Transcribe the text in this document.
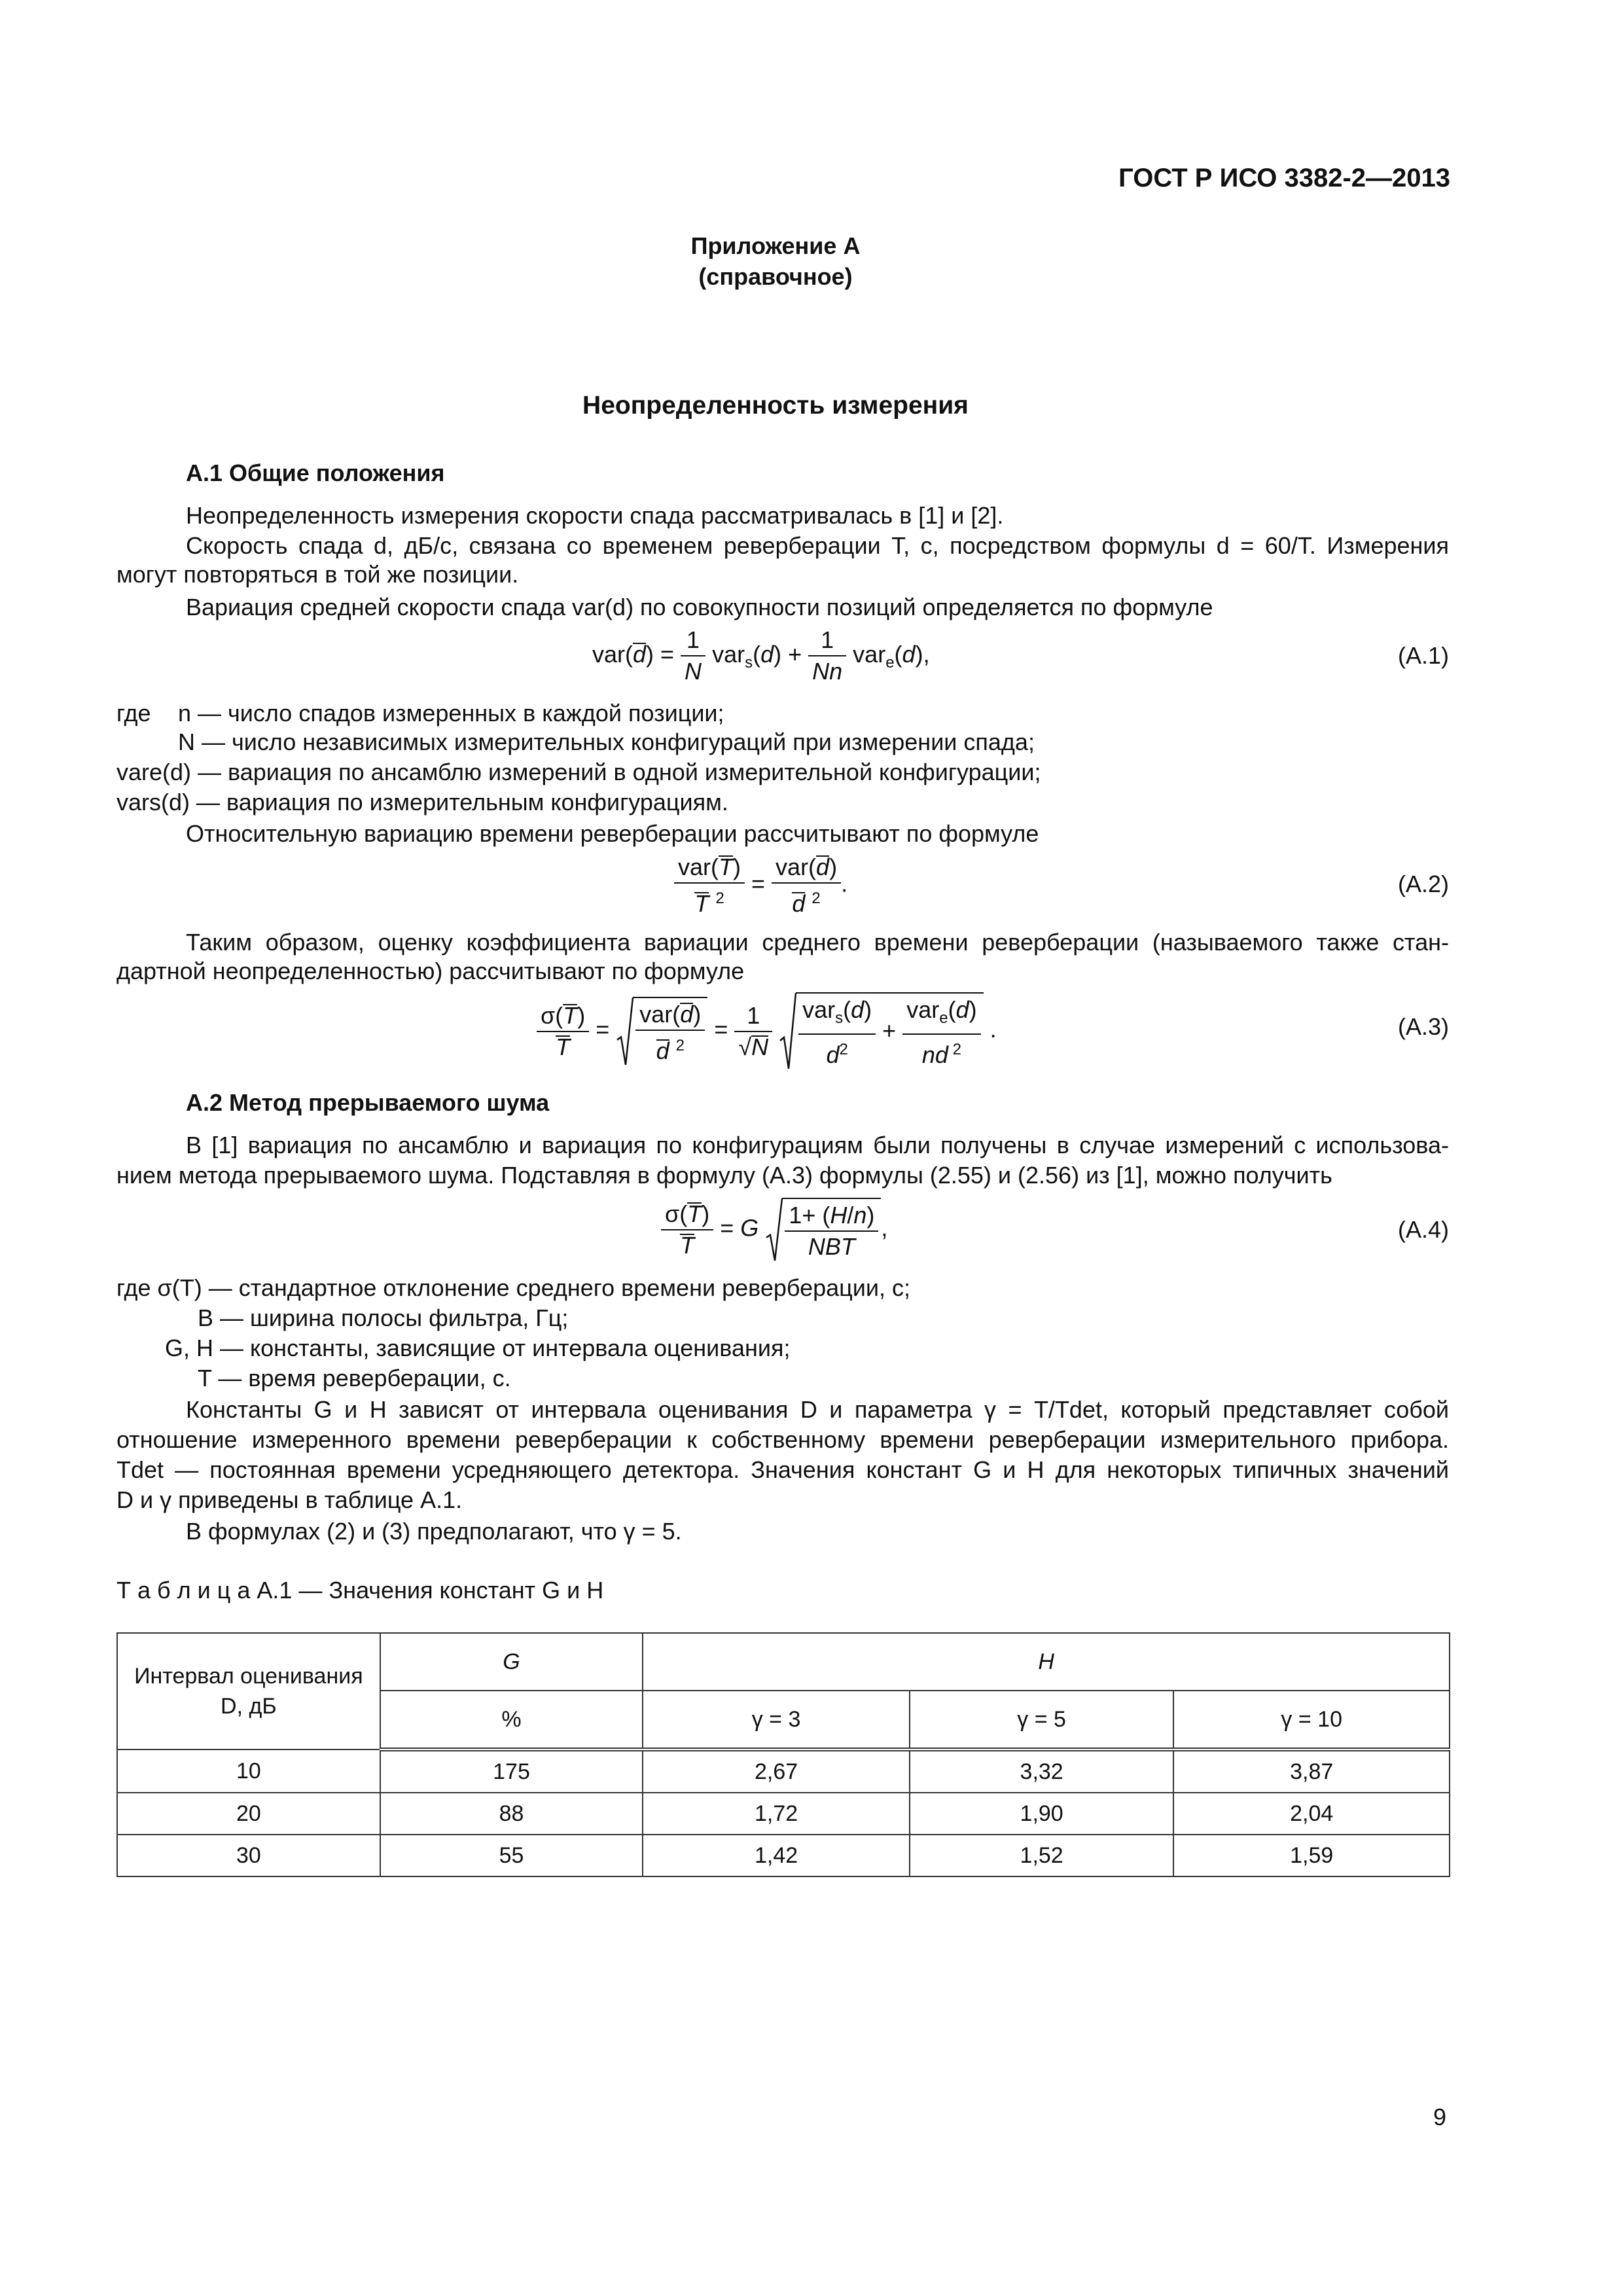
ГОСТ Р ИСО 3382-2—2013
Приложение А
(справочное)
Неопределенность измерения
А.1 Общие положения
Неопределенность измерения скорости спада рассматривалась в [1] и [2].
Скорость спада d, дБ/с, связана со временем реверберации T, с, посредством формулы d = 60/T. Измерения
могут повторяться в той же позиции.
Вариация средней скорости спада var(d) по совокупности позиций определяется по формуле
$var(d) = \frac{1}{N} var_s(d) + \frac{1}{Nn} var_e(d)$,	(А.1)
где n — число спадов измеренных в каждой позиции;
N — число независимых измерительных конфигураций при измерении спада;
vare(d) — вариация по ансамблю измерений в одной измерительной конфигурации;
vars(d) — вариация по измерительным конфигурациям.
Относительную вариацию времени реверберации рассчитывают по формуле
$\frac{\text{var(T)}}{T ^2} = \frac{\text{var(d)}}{d ^2}$ .	(А.2)
Таким образом, оценку коэффициента вариации среднего времени реверберации (называемого также стан-
дартной неопределенностью) рассчитывают по формуле
$\frac{\sigma(T)}{T} = \frac{\text{var(d)}}{d ^2} = \frac{1}{√N}$
$\frac{var_s(d)}{d^2} + \frac{var_e(d)}{nd ^2}$ .	(А.3)
А.2 Метод прерываемого шума
В [1] вариация по ансамблю и вариация по конфигурациям были получены в случае измерений с использова-
нием метода прерываемого шума. Подставляя в формулу (А.3) формулы (2.55) и (2.56) из [1], можно получить
$\frac{\sigma(T)}{T} = G \frac{1+ (H/n)}{\text{NBT}}$ ,	(А.4)
где σ(T) — стандартное отклонение среднего времени реверберации, с;
B — ширина полосы фильтра, Гц;
G, H — константы, зависящие от интервала оценивания;
T — время реверберации, с.
Константы G и H зависят от интервала оценивания D и параметра γ = T/Tdet, который представляет собой
отношение измеренного времени реверберации к собственному времени реверберации измерительного прибора.
Tdet — постоянная времени усредняющего детектора. Значения констант G и H для некоторых типичных значений
D и γ приведены в таблице А.1.
В формулах (2) и (3) предполагают, что γ = 5.
Т а б л и ц а А.1 — Значения констант G и H
Интервал оценивания
D, дБ	G	H		
	%	γ = 3	γ = 5	γ = 10
10	175	2,67	3,32	3,87
20	88	1,72	1,90	2,04
30	55	1,42	1,52	1,59
9
